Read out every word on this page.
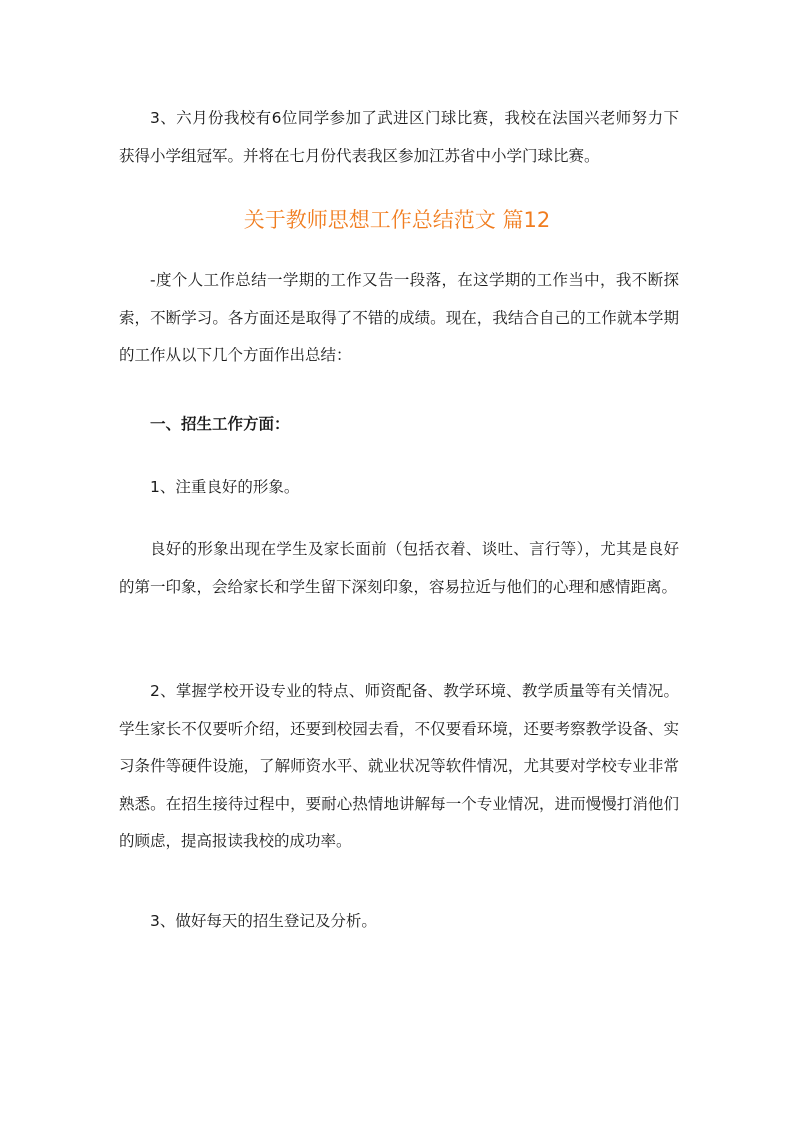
3、六月份我校有6位同学参加了武进区门球比赛，我校在法国兴老师努力下获得小学组冠军。并将在七月份代表我区参加江苏省中小学门球比赛。

关于教师思想工作总结范文 篇12

-度个人工作总结一学期的工作又告一段落，在这学期的工作当中，我不断探索，不断学习。各方面还是取得了不错的成绩。现在，我结合自己的工作就本学期的工作从以下几个方面作出总结：

一、招生工作方面：

1、注重良好的形象。

良好的形象出现在学生及家长面前（包括衣着、谈吐、言行等），尤其是良好的第一印象，会给家长和学生留下深刻印象，容易拉近与他们的心理和感情距离。

2、掌握学校开设专业的特点、师资配备、教学环境、教学质量等有关情况。学生家长不仅要听介绍，还要到校园去看，不仅要看环境，还要考察教学设备、实习条件等硬件设施，了解师资水平、就业状况等软件情况，尤其要对学校专业非常熟悉。在招生接待过程中，要耐心热情地讲解每一个专业情况，进而慢慢打消他们的顾虑，提高报读我校的成功率。

3、做好每天的招生登记及分析。
